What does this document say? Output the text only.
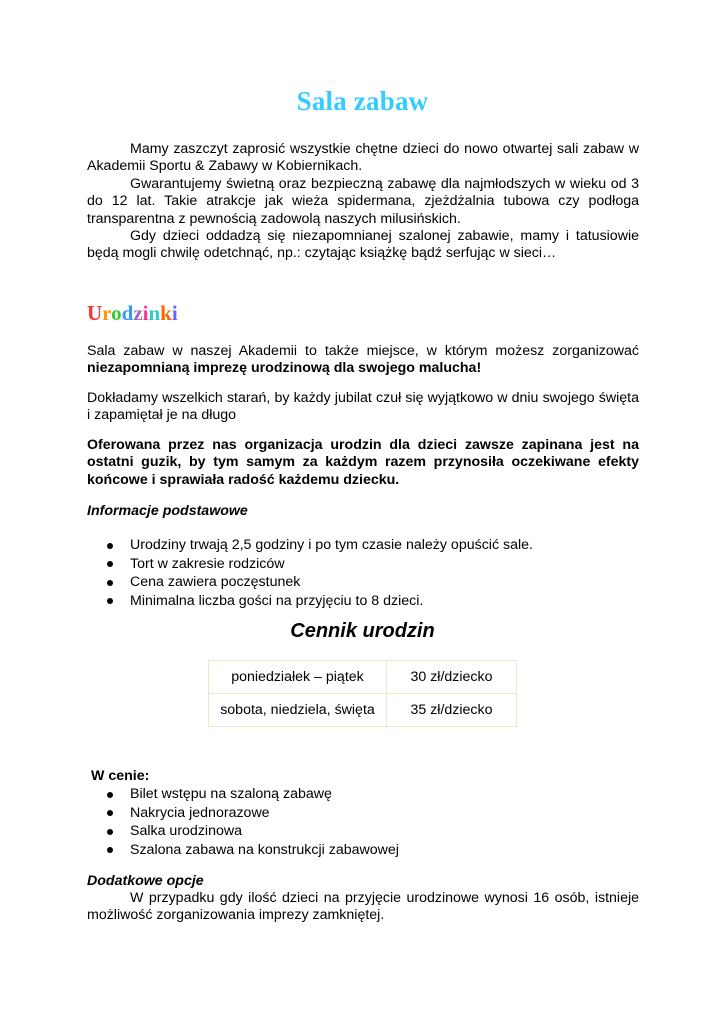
Sala zabaw

Mamy zaszczyt zaprosić wszystkie chętne dzieci do nowo otwartej sali zabaw w Akademii Sportu & Zabawy w Kobiernikach.

Gwarantujemy świetną oraz bezpieczną zabawę dla najmłodszych w wieku od 3 do 12 lat. Takie atrakcje jak wieża spidermana, zjeżdżalnia tubowa czy podłoga transparentna z pewnością zadowolą naszych milusińskich.

Gdy dzieci oddadzą się niezapomnianej szalonej zabawie, mamy i tatusiowie będą mogli chwilę odetchnąć, np.: czytając książkę bądź serfując w sieci…

Urodzinki

Sala zabaw w naszej Akademii to także miejsce, w którym możesz zorganizować niezapomnianą imprezę urodzinową dla swojego malucha!

Dokładamy wszelkich starań, by każdy jubilat czuł się wyjątkowo w dniu swojego święta i zapamiętał je na długo

Oferowana przez nas organizacja urodzin dla dzieci zawsze zapinana jest na ostatni guzik, by tym samym za każdym razem przynosiła oczekiwane efekty końcowe i sprawiała radość każdemu dziecku.

Informacje podstawowe
Urodziny trwają 2,5 godziny i po tym czasie należy opuścić sale.
Tort w zakresie rodziców
Cena zawiera poczęstunek
Minimalna liczba gości na przyjęciu to 8 dzieci.
Cennik urodzin
poniedziałek – piątek	30 zł/dziecko
sobota, niedziela, święta	35 zł/dziecko
W cenie:
Bilet wstępu na szaloną zabawę
Nakrycia jednorazowe
Salka urodzinowa
Szalona zabawa na konstrukcji zabawowej
Dodatkowe opcje

W przypadku gdy ilość dzieci na przyjęcie urodzinowe wynosi 16 osób, istnieje możliwość zorganizowania imprezy zamkniętej.
